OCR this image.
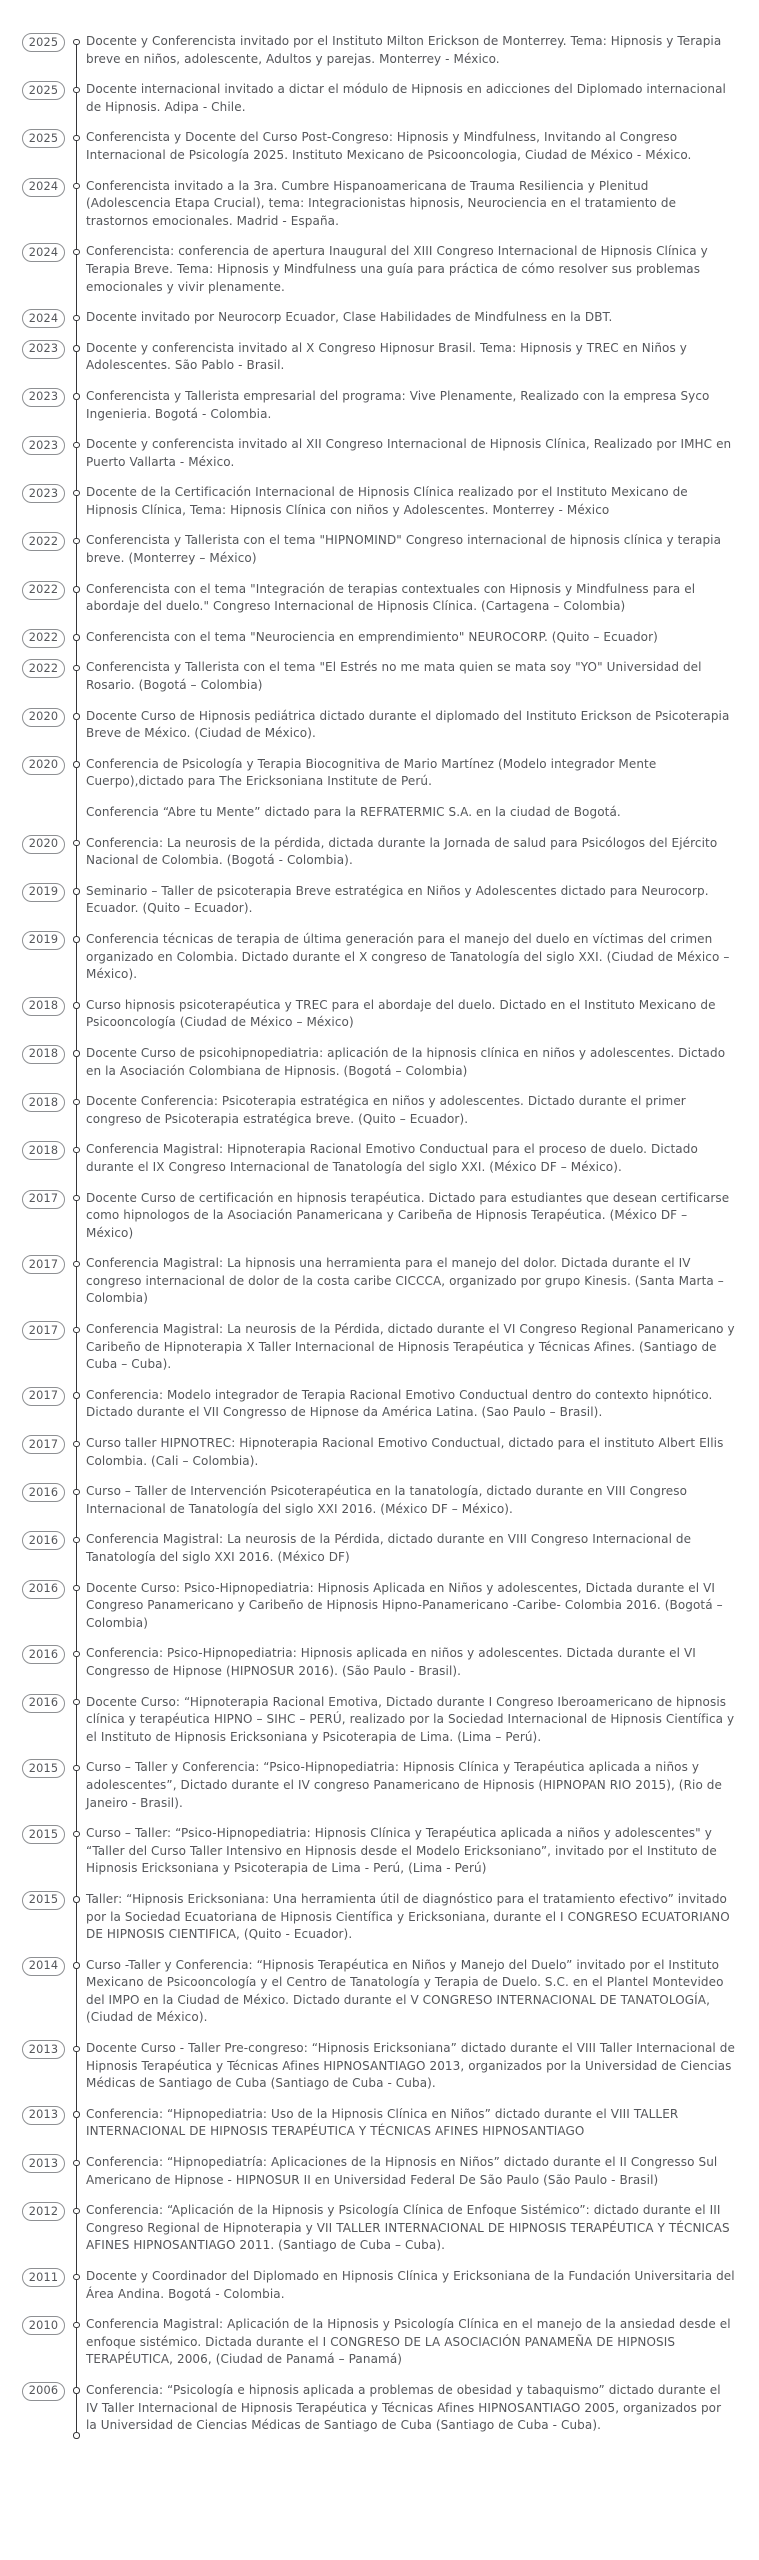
2025	Docente y Conferencista invitado por el Instituto Milton Erickson de Monterrey. Tema: Hipnosis y Terapia breve en niños, adolescente, Adultos y parejas. Monterrey - México.
2025	Docente internacional invitado a dictar el módulo de Hipnosis en adicciones del Diplomado internacional de Hipnosis. Adipa - Chile.
2025	Conferencista y Docente del Curso Post-Congreso: Hipnosis y Mindfulness, Invitando al Congreso Internacional de Psicología 2025. Instituto Mexicano de Psicooncologia, Ciudad de México - México.
2024	Conferencista invitado a la 3ra. Cumbre Hispanoamericana de Trauma Resiliencia y Plenitud (Adolescencia Etapa Crucial), tema: Integracionistas hipnosis, Neurociencia en el tratamiento de trastornos emocionales. Madrid - España.
2024	Conferencista: conferencia de apertura Inaugural del XIII Congreso Internacional de Hipnosis Clínica y Terapia Breve. Tema: Hipnosis y Mindfulness una guía para práctica de cómo resolver sus problemas emocionales y vivir plenamente.
2024	Docente invitado por Neurocorp Ecuador, Clase Habilidades de Mindfulness en la DBT.
2023	Docente y conferencista invitado al X Congreso Hipnosur Brasil. Tema: Hipnosis y TREC en Niños y Adolescentes. São Pablo - Brasil.
2023	Conferencista y Tallerista empresarial del programa: Vive Plenamente, Realizado con la empresa Syco Ingenieria. Bogotá - Colombia.
2023	Docente y conferencista invitado al XII Congreso Internacional de Hipnosis Clínica, Realizado por IMHC en Puerto Vallarta - México.
2023	Docente de la Certificación Internacional de Hipnosis Clínica realizado por el Instituto Mexicano de Hipnosis Clínica, Tema: Hipnosis Clínica con niños y Adolescentes. Monterrey - México
2022	Conferencista y Tallerista con el tema "HIPNOMIND" Congreso internacional de hipnosis clínica y terapia breve. (Monterrey – México)
2022	Conferencista con el tema "Integración de terapias contextuales con Hipnosis y Mindfulness para el abordaje del duelo." Congreso Internacional de Hipnosis Clínica. (Cartagena – Colombia)
2022	Conferencista con el tema "Neurociencia en emprendimiento" NEUROCORP. (Quito – Ecuador)
2022	Conferencista y Tallerista con el tema "El Estrés no me mata quien se mata soy "YO" Universidad del Rosario. (Bogotá – Colombia)
2020	Docente Curso de Hipnosis pediátrica dictado durante el diplomado del Instituto Erickson de Psicoterapia Breve de México. (Ciudad de México).
2020	Conferencia de Psicología y Terapia Biocognitiva de Mario Martínez (Modelo integrador Mente Cuerpo),dictado para The Ericksoniana Institute de Perú.
Conferencia “Abre tu Mente” dictado para la REFRATERMIC S.A. en la ciudad de Bogotá.
2020	Conferencia: La neurosis de la pérdida, dictada durante la Jornada de salud para Psicólogos del Ejército Nacional de Colombia. (Bogotá - Colombia).
2019	Seminario – Taller de psicoterapia Breve estratégica en Niños y Adolescentes dictado para Neurocorp. Ecuador. (Quito – Ecuador).
2019	Conferencia técnicas de terapia de última generación para el manejo del duelo en víctimas del crimen organizado en Colombia. Dictado durante el X congreso de Tanatología del siglo XXI. (Ciudad de México – México).
2018	Curso hipnosis psicoterapéutica y TREC para el abordaje del duelo. Dictado en el Instituto Mexicano de Psicooncología (Ciudad de México – México)
2018	Docente Curso de psicohipnopediatria: aplicación de la hipnosis clínica en niños y adolescentes. Dictado en la Asociación Colombiana de Hipnosis. (Bogotá – Colombia)
2018	Docente Conferencia: Psicoterapia estratégica en niños y adolescentes. Dictado durante el primer congreso de Psicoterapia estratégica breve. (Quito – Ecuador).
2018	Conferencia Magistral: Hipnoterapia Racional Emotivo Conductual para el proceso de duelo. Dictado durante el IX Congreso Internacional de Tanatología del siglo XXI. (México DF – México).
2017	Docente Curso de certificación en hipnosis terapéutica. Dictado para estudiantes que desean certificarse como hipnologos de la Asociación Panamericana y Caribeña de Hipnosis Terapéutica. (México DF – México)
2017	Conferencia Magistral: La hipnosis una herramienta para el manejo del dolor. Dictada durante el IV congreso internacional de dolor de la costa caribe CICCCA, organizado por grupo Kinesis. (Santa Marta – Colombia)
2017	Conferencia Magistral: La neurosis de la Pérdida, dictado durante el VI Congreso Regional Panamericano y Caribeño de Hipnoterapia X Taller Internacional de Hipnosis Terapéutica y Técnicas Afines. (Santiago de Cuba – Cuba).
2017	Conferencia: Modelo integrador de Terapia Racional Emotivo Conductual dentro do contexto hipnótico. Dictado durante el VII Congresso de Hipnose da América Latina. (Sao Paulo – Brasil).
2017	Curso taller HIPNOTREC: Hipnoterapia Racional Emotivo Conductual, dictado para el instituto Albert Ellis Colombia. (Cali – Colombia).
2016	Curso – Taller de Intervención Psicoterapéutica en la tanatología, dictado durante en VIII Congreso Internacional de Tanatología del siglo XXI 2016. (México DF – México).
2016	Conferencia Magistral: La neurosis de la Pérdida, dictado durante en VIII Congreso Internacional de Tanatología del siglo XXI 2016. (México DF)
2016	Docente Curso: Psico-Hipnopediatria: Hipnosis Aplicada en Niños y adolescentes, Dictada durante el VI Congreso Panamericano y Caribeño de Hipnosis Hipno-Panamericano -Caribe- Colombia 2016. (Bogotá – Colombia)
2016	Conferencia: Psico-Hipnopediatria: Hipnosis aplicada en niños y adolescentes. Dictada durante el VI Congresso de Hipnose (HIPNOSUR 2016). (São Paulo - Brasil).
2016	Docente Curso: “Hipnoterapia Racional Emotiva, Dictado durante I Congreso Iberoamericano de hipnosis clínica y terapéutica HIPNO – SIHC – PERÚ, realizado por la Sociedad Internacional de Hipnosis Científica y el Instituto de Hipnosis Ericksoniana y Psicoterapia de Lima. (Lima – Perú).
2015	Curso – Taller y Conferencia: “Psico-Hipnopediatria: Hipnosis Clínica y Terapéutica aplicada a niños y adolescentes”, Dictado durante el IV congreso Panamericano de Hipnosis (HIPNOPAN RIO 2015), (Rio de Janeiro - Brasil).
2015	Curso – Taller: “Psico-Hipnopediatria: Hipnosis Clínica y Terapéutica aplicada a niños y adolescentes" y “Taller del Curso Taller Intensivo en Hipnosis desde el Modelo Ericksoniano”, invitado por el Instituto de Hipnosis Ericksoniana y Psicoterapia de Lima - Perú, (Lima - Perú)
2015	Taller: “Hipnosis Ericksoniana: Una herramienta útil de diagnóstico para el tratamiento efectivo” invitado por la Sociedad Ecuatoriana de Hipnosis Científica y Ericksoniana, durante el I CONGRESO ECUATORIANO DE HIPNOSIS CIENTIFICA, (Quito - Ecuador).
2014	Curso -Taller y Conferencia: “Hipnosis Terapéutica en Niños y Manejo del Duelo” invitado por el Instituto Mexicano de Psicooncología y el Centro de Tanatología y Terapia de Duelo. S.C. en el Plantel Montevideo del IMPO en la Ciudad de México. Dictado durante el V CONGRESO INTERNACIONAL DE TANATOLOGÍA, (Ciudad de México).
2013	Docente Curso - Taller Pre-congreso: “Hipnosis Ericksoniana” dictado durante el VIII Taller Internacional de Hipnosis Terapéutica y Técnicas Afines HIPNOSANTIAGO 2013, organizados por la Universidad de Ciencias Médicas de Santiago de Cuba (Santiago de Cuba - Cuba).
2013	Conferencia: “Hipnopediatria: Uso de la Hipnosis Clínica en Niños” dictado durante el VIII TALLER INTERNACIONAL DE HIPNOSIS TERAPÉUTICA Y TÉCNICAS AFINES HIPNOSANTIAGO
2013	Conferencia: “Hipnopediatría: Aplicaciones de la Hipnosis en Niños” dictado durante el II Congresso Sul Americano de Hipnose - HIPNOSUR II en Universidad Federal De São Paulo (São Paulo - Brasil)
2012	Conferencia: “Aplicación de la Hipnosis y Psicología Clínica de Enfoque Sistémico”: dictado durante el III Congreso Regional de Hipnoterapia y VII TALLER INTERNACIONAL DE HIPNOSIS TERAPÉUTICA Y TÉCNICAS AFINES HIPNOSANTIAGO 2011. (Santiago de Cuba – Cuba).
2011	Docente y Coordinador del Diplomado en Hipnosis Clínica y Ericksoniana de la Fundación Universitaria del Área Andina. Bogotá - Colombia.
2010	Conferencia Magistral: Aplicación de la Hipnosis y Psicología Clínica en el manejo de la ansiedad desde el enfoque sistémico. Dictada durante el I CONGRESO DE LA ASOCIACIÓN PANAMEÑA DE HIPNOSIS TERAPÉUTICA, 2006, (Ciudad de Panamá – Panamá)
2006	Conferencia: “Psicología e hipnosis aplicada a problemas de obesidad y tabaquismo” dictado durante el IV Taller Internacional de Hipnosis Terapéutica y Técnicas Afines HIPNOSANTIAGO 2005, organizados por la Universidad de Ciencias Médicas de Santiago de Cuba (Santiago de Cuba - Cuba).
